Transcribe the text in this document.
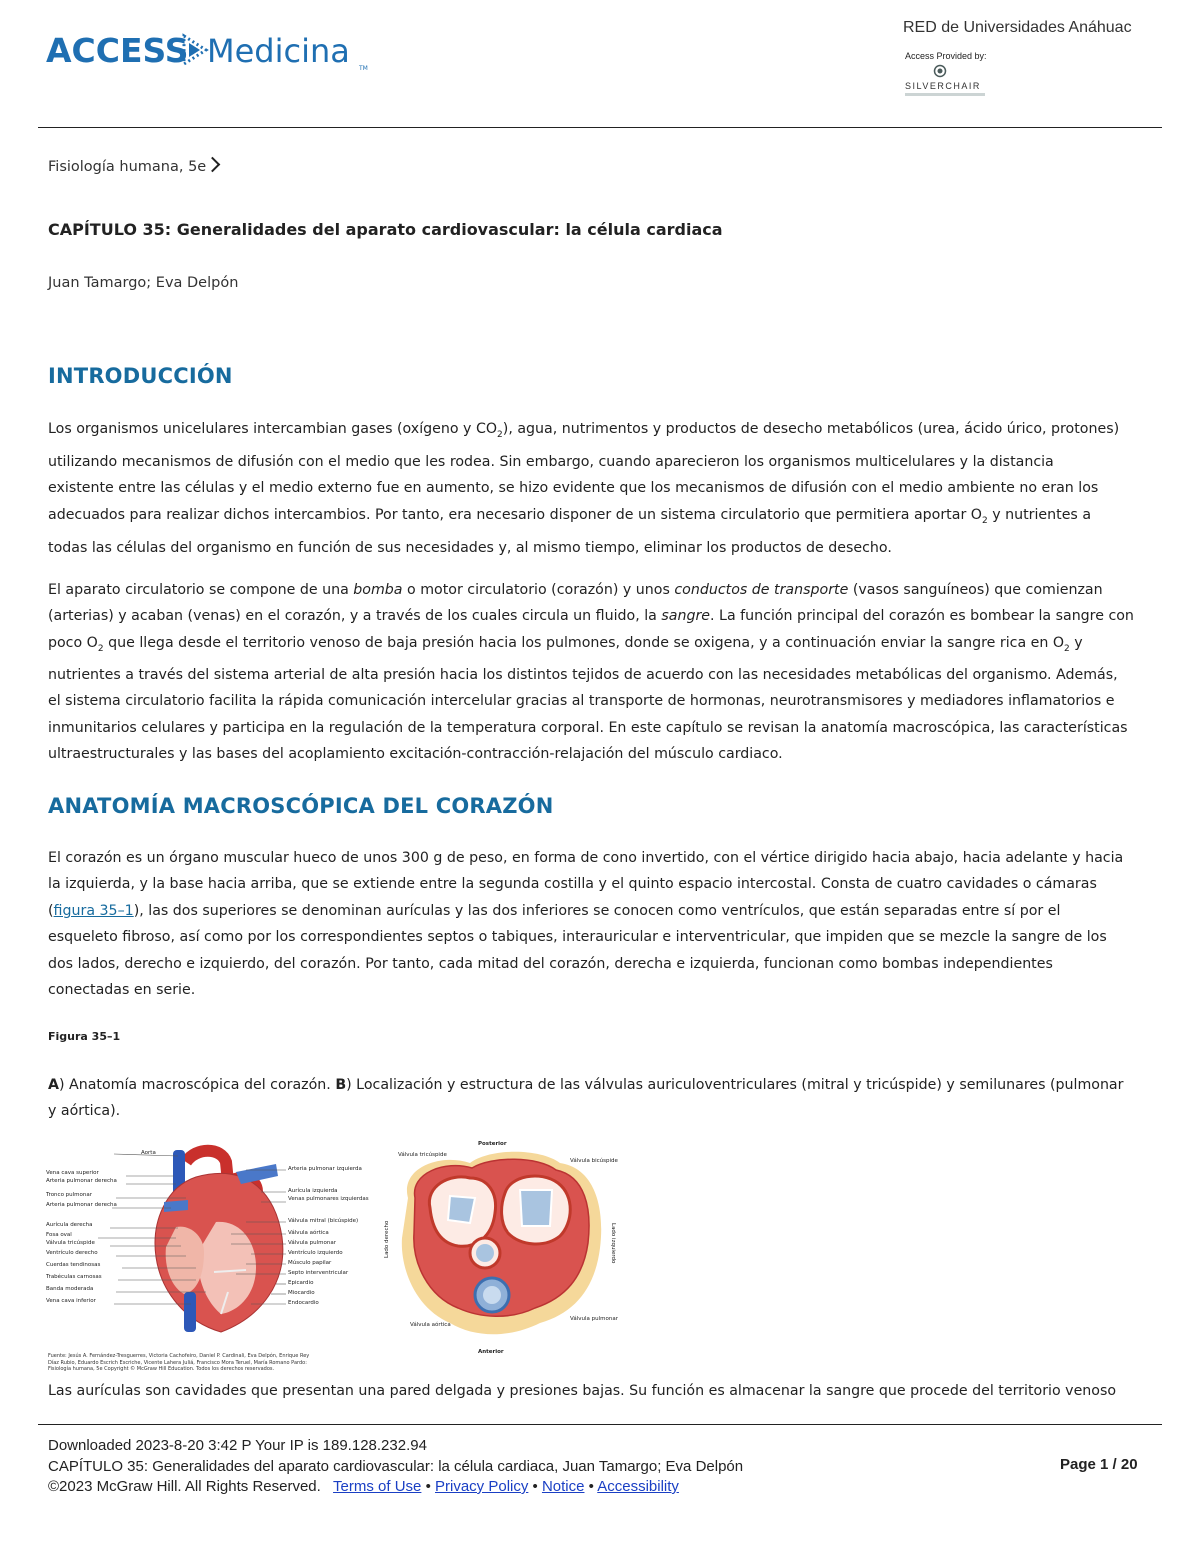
ACCESS Medicina TM
RED de Universidades Anáhuac
Access Provided by:
SILVERCHAIR
Fisiología humana, 5e
CAPÍTULO 35: Generalidades del aparato cardiovascular: la célula cardiaca
Juan Tamargo; Eva Delpón
INTRODUCCIÓN

Los organismos unicelulares intercambian gases (oxígeno y $CO_2$), agua, nutrimentos y productos de desecho metabólicos (urea, ácido úrico, protones)

utilizando mecanismos de difusión con el medio que les rodea. Sin embargo, cuando aparecieron los organismos multicelulares y la distancia

existente entre las células y el medio externo fue en aumento, se hizo evidente que los mecanismos de difusión con el medio ambiente no eran los

adecuados para realizar dichos intercambios. Por tanto, era necesario disponer de un sistema circulatorio que permitiera aportar $O_2$ y nutrientes a

todas las células del organismo en función de sus necesidades y, al mismo tiempo, eliminar los productos de desecho.

El aparato circulatorio se compone de una bomba o motor circulatorio (corazón) y unos conductos de transporte (vasos sanguíneos) que comienzan

(arterias) y acaban (venas) en el corazón, y a través de los cuales circula un fluido, la sangre. La función principal del corazón es bombear la sangre con

poco $O_2$ que llega desde el territorio venoso de baja presión hacia los pulmones, donde se oxigena, y a continuación enviar la sangre rica en $O_2$ y

nutrientes a través del sistema arterial de alta presión hacia los distintos tejidos de acuerdo con las necesidades metabólicas del organismo. Además,

el sistema circulatorio facilita la rápida comunicación intercelular gracias al transporte de hormonas, neurotransmisores y mediadores inflamatorios e

inmunitarios celulares y participa en la regulación de la temperatura corporal. En este capítulo se revisan la anatomía macroscópica, las características

ultraestructurales y las bases del acoplamiento excitación-contracción-relajación del músculo cardiaco.

ANATOMÍA MACROSCÓPICA DEL CORAZÓN

El corazón es un órgano muscular hueco de unos 300 g de peso, en forma de cono invertido, con el vértice dirigido hacia abajo, hacia adelante y hacia

la izquierda, y la base hacia arriba, que se extiende entre la segunda costilla y el quinto espacio intercostal. Consta de cuatro cavidades o cámaras

(figura 35–1), las dos superiores se denominan aurículas y las dos inferiores se conocen como ventrículos, que están separadas entre sí por el

esqueleto fibroso, así como por los correspondientes septos o tabiques, interauricular e interventricular, que impiden que se mezcle la sangre de los

dos lados, derecho e izquierdo, del corazón. Por tanto, cada mitad del corazón, derecha e izquierda, funcionan como bombas independientes

conectadas en serie.

Figura 35–1

A) Anatomía macroscópica del corazón. B) Localización y estructura de las válvulas auriculoventriculares (mitral y tricúspide) y semilunares (pulmonar

y aórtica).

Aorta
Vena cava superior
Arteria pulmonar derecha
Tronco pulmonar
Arteria pulmonar derecha
Aurícula derecha
Fosa oval
Válvula tricúspide
Ventrículo derecho
Cuerdas tendinosas
Trabéculas carnosas
Banda moderada
Vena cava inferior
Arteria pulmonar izquierda
Aurícula izquierda
Venas pulmonares izquierdas
Válvula mitral (bicúspide)
Válvula aórtica
Válvula pulmonar
Ventrículo izquierdo
Músculo papilar
Septo interventricular
Epicardio
Miocardio
Endocardio
Posterior
Válvula tricúspide
Válvula bicúspide
Lado derecho	Lado izquierdo
Válvula aórtica
Válvula pulmonar
Anterior
Fuente: Jesús A. Fernández-Tresguerres, Victoria Cachofeiro, Daniel P. Cardinali, Eva Delpón, Enrique Rey
Díaz Rubio, Eduardo Escrich Escriche, Vicente Lahera Juliá, Francisco Mora Teruel, María Romano Pardo:
Fisiología humana, 5e Copyright © McGraw Hill Education. Todos los derechos reservados.
Las aurículas son cavidades que presentan una pared delgada y presiones bajas. Su función es almacenar la sangre que procede del territorio venoso
Downloaded 2023-8-20 3:42 P Your IP is 189.128.232.94
CAPÍTULO 35: Generalidades del aparato cardiovascular: la célula cardiaca, Juan Tamargo; Eva Delpón
©2023 McGraw Hill. All Rights Reserved. Terms of Use • Privacy Policy • Notice • Accessibility
Page 1 / 20
